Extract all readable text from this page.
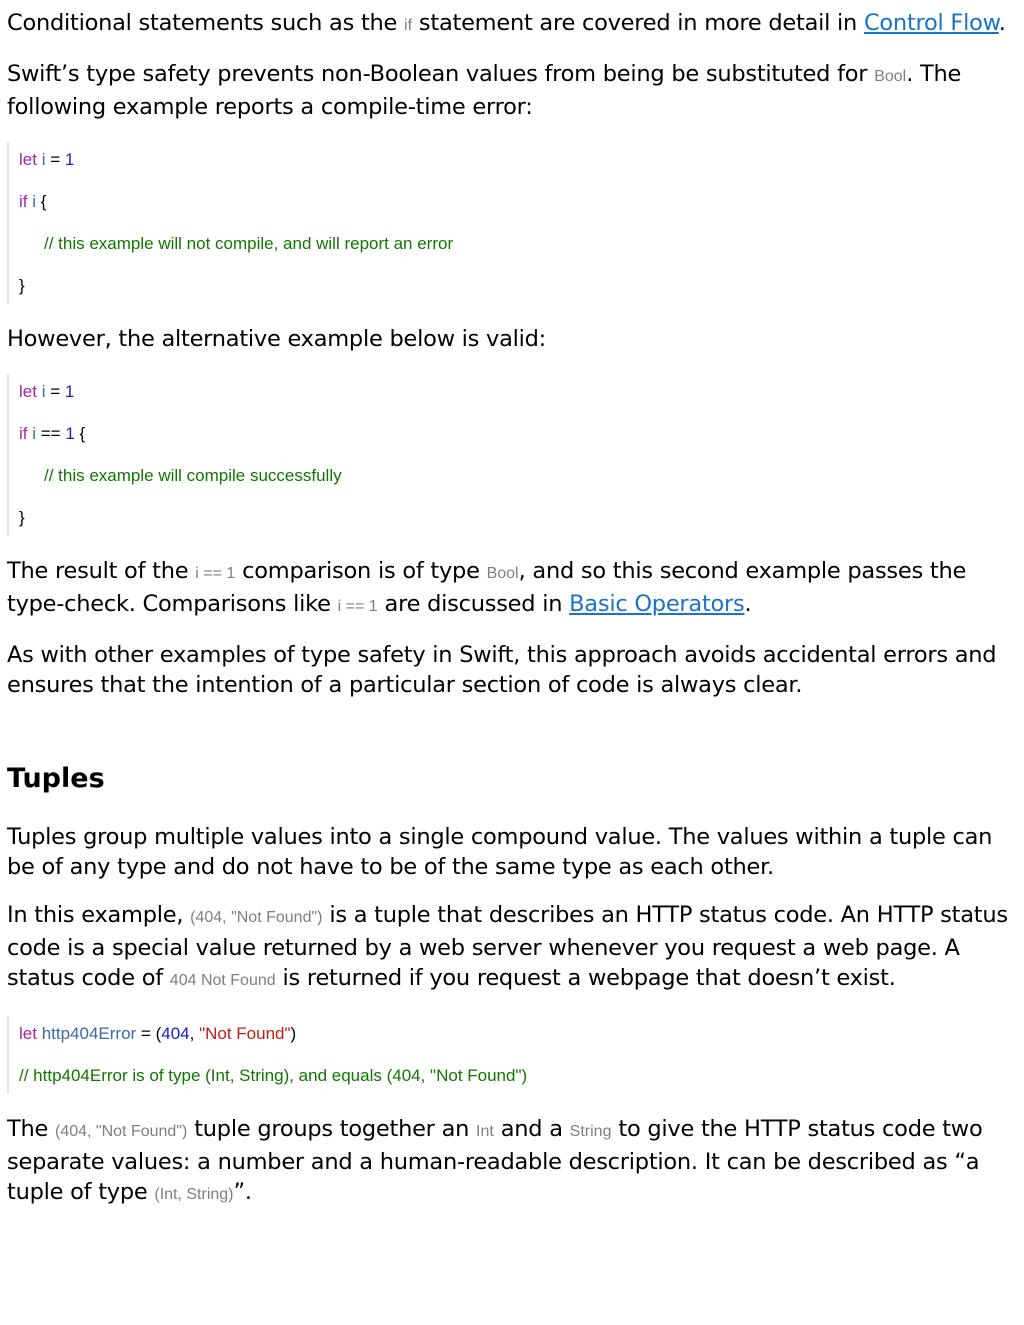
Conditional statements such as the if statement are covered in more detail in Control Flow.

Swift’s type safety prevents non-Boolean values from being be substituted for Bool. The following example reports a compile-time error:

let i = 1
if i {
// this example will not compile, and will report an error
}

However, the alternative example below is valid:

let i = 1
if i == 1 {
// this example will compile successfully
}

The result of the i == 1 comparison is of type Bool, and so this second example passes the type-check. Comparisons like i == 1 are discussed in Basic Operators.

As with other examples of type safety in Swift, this approach avoids accidental errors and ensures that the intention of a particular section of code is always clear.

Tuples

Tuples group multiple values into a single compound value. The values within a tuple can be of any type and do not have to be of the same type as each other.

In this example, (404, "Not Found") is a tuple that describes an HTTP status code. An HTTP status code is a special value returned by a web server whenever you request a web page. A status code of 404 Not Found is returned if you request a webpage that doesn’t exist.

let http404Error = (404, "Not Found")
// http404Error is of type (Int, String), and equals (404, "Not Found")

The (404, "Not Found") tuple groups together an Int and a String to give the HTTP status code two separate values: a number and a human-readable description. It can be described as “a tuple of type (Int, String)”.
